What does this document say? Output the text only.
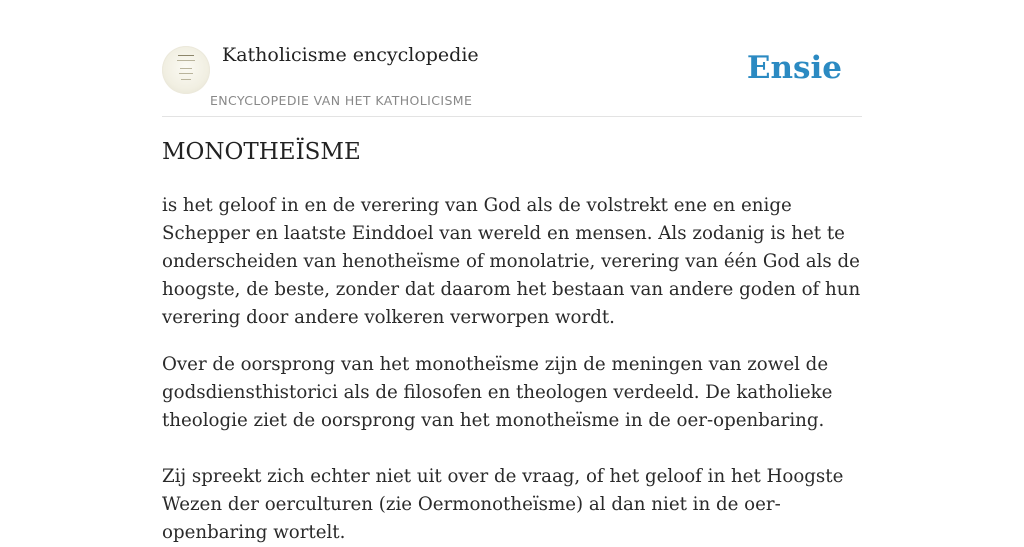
Katholicisme encyclopedie
ENCYCLOPEDIE VAN HET KATHOLICISME
Ensie
MONOTHEÏSME

is het geloof in en de verering van God als de volstrekt ene en enige Schepper en laatste Einddoel van wereld en mensen. Als zodanig is het te onderscheiden van henotheïsme of monolatrie, verering van één God als de hoogste, de beste, zonder dat daarom het bestaan van andere goden of hun verering door andere volkeren verworpen wordt.

Over de oorsprong van het monotheïsme zijn de meningen van zowel de godsdiensthistorici als de filosofen en theologen verdeeld. De katholieke theologie ziet de oorsprong van het monotheïsme in de oer-openbaring.

Zij spreekt zich echter niet uit over de vraag, of het geloof in het Hoogste Wezen der oerculturen (zie Oermonotheïsme) al dan niet in de oer-openbaring wortelt.
